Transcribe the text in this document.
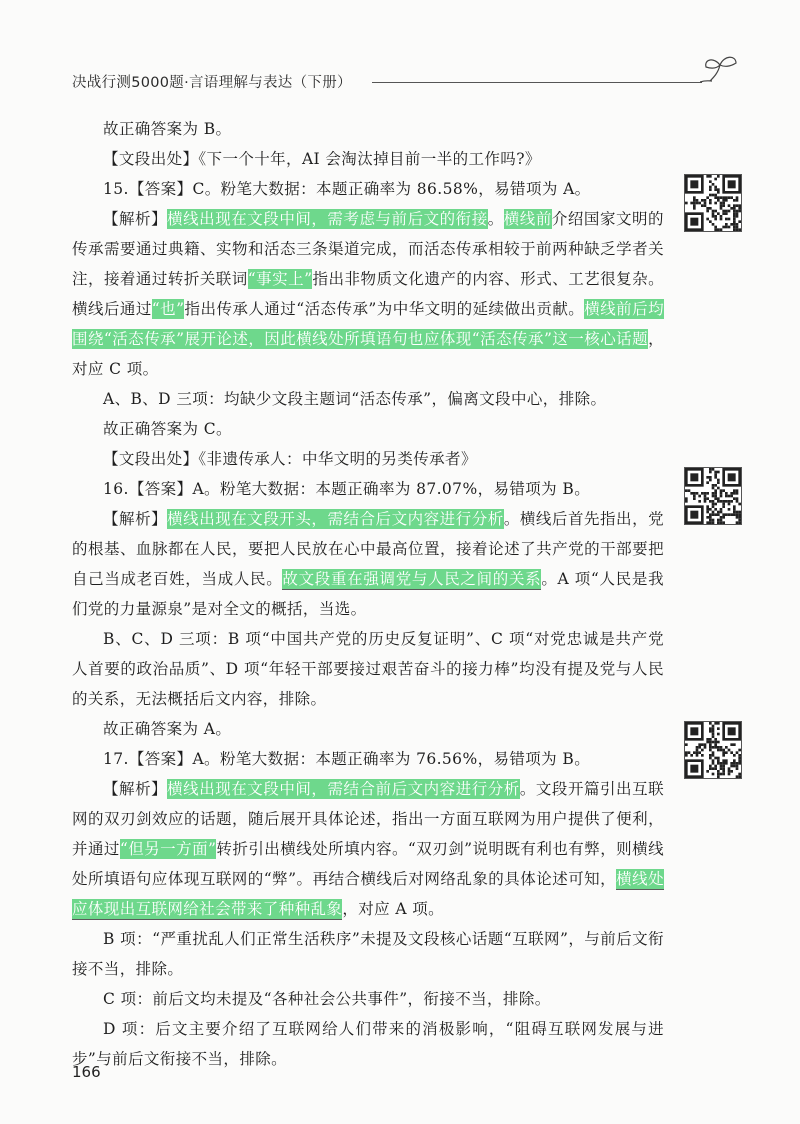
决战行测5000题·言语理解与表达（下册）

故正确答案为 B。

【文段出处】《下一个十年，AI 会淘汰掉目前一半的工作吗?》

15.【答案】C。粉笔大数据：本题正确率为 86.58%，易错项为 A。

【解析】横线出现在文段中间，需考虑与前后文的衔接。横线前介绍国家文明的传承需要通过典籍、实物和活态三条渠道完成，而活态传承相较于前两种缺乏学者关注，接着通过转折关联词“事实上”指出非物质文化遗产的内容、形式、工艺很复杂。横线后通过“也”指出传承人通过“活态传承”为中华文明的延续做出贡献。横线前后均围绕“活态传承”展开论述，因此横线处所填语句也应体现“活态传承”这一核心话题，对应 C 项。

A、B、D 三项：均缺少文段主题词“活态传承”，偏离文段中心，排除。

故正确答案为 C。

【文段出处】《非遗传承人：中华文明的另类传承者》

16.【答案】A。粉笔大数据：本题正确率为 87.07%，易错项为 B。

【解析】横线出现在文段开头，需结合后文内容进行分析。横线后首先指出，党的根基、血脉都在人民，要把人民放在心中最高位置，接着论述了共产党的干部要把自己当成老百姓，当成人民。故文段重在强调党与人民之间的关系。A 项“人民是我们党的力量源泉”是对全文的概括，当选。

B、C、D 三项：B 项“中国共产党的历史反复证明”、C 项“对党忠诚是共产党人首要的政治品质”、D 项“年轻干部要接过艰苦奋斗的接力棒”均没有提及党与人民的关系，无法概括后文内容，排除。

故正确答案为 A。

17.【答案】A。粉笔大数据：本题正确率为 76.56%，易错项为 B。

【解析】横线出现在文段中间，需结合前后文内容进行分析。文段开篇引出互联网的双刃剑效应的话题，随后展开具体论述，指出一方面互联网为用户提供了便利，并通过“但另一方面”转折引出横线处所填内容。“双刃剑”说明既有利也有弊，则横线处所填语句应体现互联网的“弊”。再结合横线后对网络乱象的具体论述可知，横线处应体现出互联网给社会带来了种种乱象，对应 A 项。

B 项：“严重扰乱人们正常生活秩序”未提及文段核心话题“互联网”，与前后文衔接不当，排除。

C 项：前后文均未提及“各种社会公共事件”，衔接不当，排除。

D 项：后文主要介绍了互联网给人们带来的消极影响，“阻碍互联网发展与进步”与前后文衔接不当，排除。

166
